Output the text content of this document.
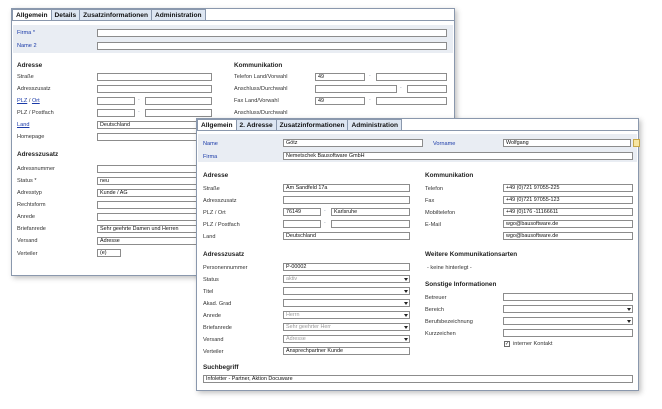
Allgemein	Details	Zusatzinformationen	Administration
Firma *
Name 2
Adresse
Straße
Adresszusatz
PLZ / Ort	-
PLZ / Postfach	-
Land	Deutschland
Homepage
Kommunikation
Telefon Land/Vorwahl	49	-
Anschluss/Durchwahl	-
Fax Land/Vorwahl	49	-
Anschluss/Durchwahl
Adresszusatz
Adressnummer
Status *	neu
Adresstyp	Kunde / AG
Rechtsform
Anrede
Briefanrede	Sehr geehrte Damen und Herren
Versand	Adresse
Verteiler	(e)
Allgemein	2. Adresse	Zusatzinformationen	Administration
Name	Götz	Vorname	Wolfgang
Firma	Nemetschek Bausoftware GmbH
Adresse
Straße	Am Sandfeld 17a
Adresszusatz
PLZ / Ort	76149	-	Karlsruhe
PLZ / Postfach	-
Land	Deutschland
Kommunikation
Telefon	+49 (0)721 97055-225
Fax	+49 (0)721 97055-123
Mobiltelefon	+49 (0)176 -11166611
E-Mail	wgo@bausoftware.de
wgo@bausoftware.de
Weitere Kommunikationsarten
- keine hinterlegt -
Sonstige Informationen
Betreuer
Bereich
Berufsbezeichnung
Kurzzeichen
✓ interner Kontakt
Adresszusatz
Personennummer	P-00002
Status	aktiv
Titel
Akad. Grad
Anrede	Herrn
Briefanrede	Sehr geehrter Herr
Versand	Adresse
Verteiler	Ansprechpartner Kunde
Suchbegriff
Infoletter - Partner, Aktion Docuware
